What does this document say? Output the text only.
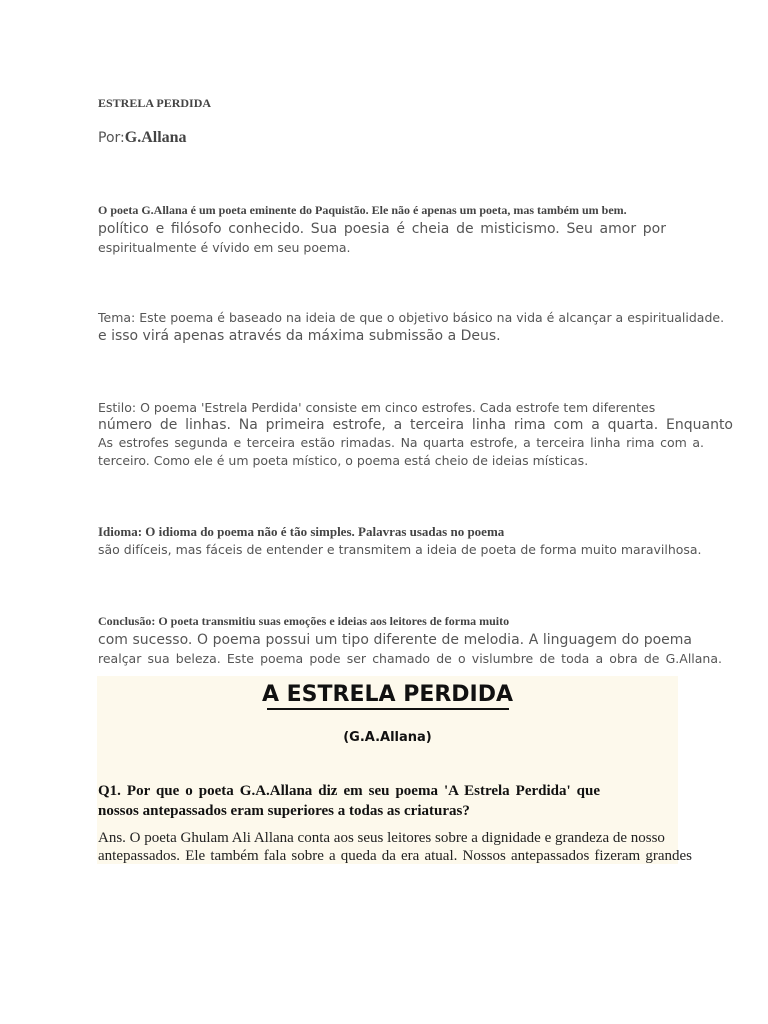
ESTRELA PERDIDA
Por:G.Allana
O poeta G.Allana é um poeta eminente do Paquistão. Ele não é apenas um poeta, mas também um bem.
político e filósofo conhecido. Sua poesia é cheia de misticismo. Seu amor por
espiritualmente é vívido em seu poema.
Tema: Este poema é baseado na ideia de que o objetivo básico na vida é alcançar a espiritualidade.
e isso virá apenas através da máxima submissão a Deus.
Estilo: O poema 'Estrela Perdida' consiste em cinco estrofes. Cada estrofe tem diferentes
número de linhas. Na primeira estrofe, a terceira linha rima com a quarta. Enquanto
As estrofes segunda e terceira estão rimadas. Na quarta estrofe, a terceira linha rima com a.
terceiro. Como ele é um poeta místico, o poema está cheio de ideias místicas.
Idioma: O idioma do poema não é tão simples. Palavras usadas no poema
são difíceis, mas fáceis de entender e transmitem a ideia de poeta de forma muito maravilhosa.
Conclusão: O poeta transmitiu suas emoções e ideias aos leitores de forma muito
com sucesso. O poema possui um tipo diferente de melodia. A linguagem do poema
realçar sua beleza. Este poema pode ser chamado de o vislumbre de toda a obra de G.Allana.
A ESTRELA PERDIDA
(G.A.Allana)
Q1. Por que o poeta G.A.Allana diz em seu poema 'A Estrela Perdida' que
nossos antepassados eram superiores a todas as criaturas?
Ans. O poeta Ghulam Ali Allana conta aos seus leitores sobre a dignidade e grandeza de nosso
antepassados. Ele também fala sobre a queda da era atual. Nossos antepassados fizeram grandes
